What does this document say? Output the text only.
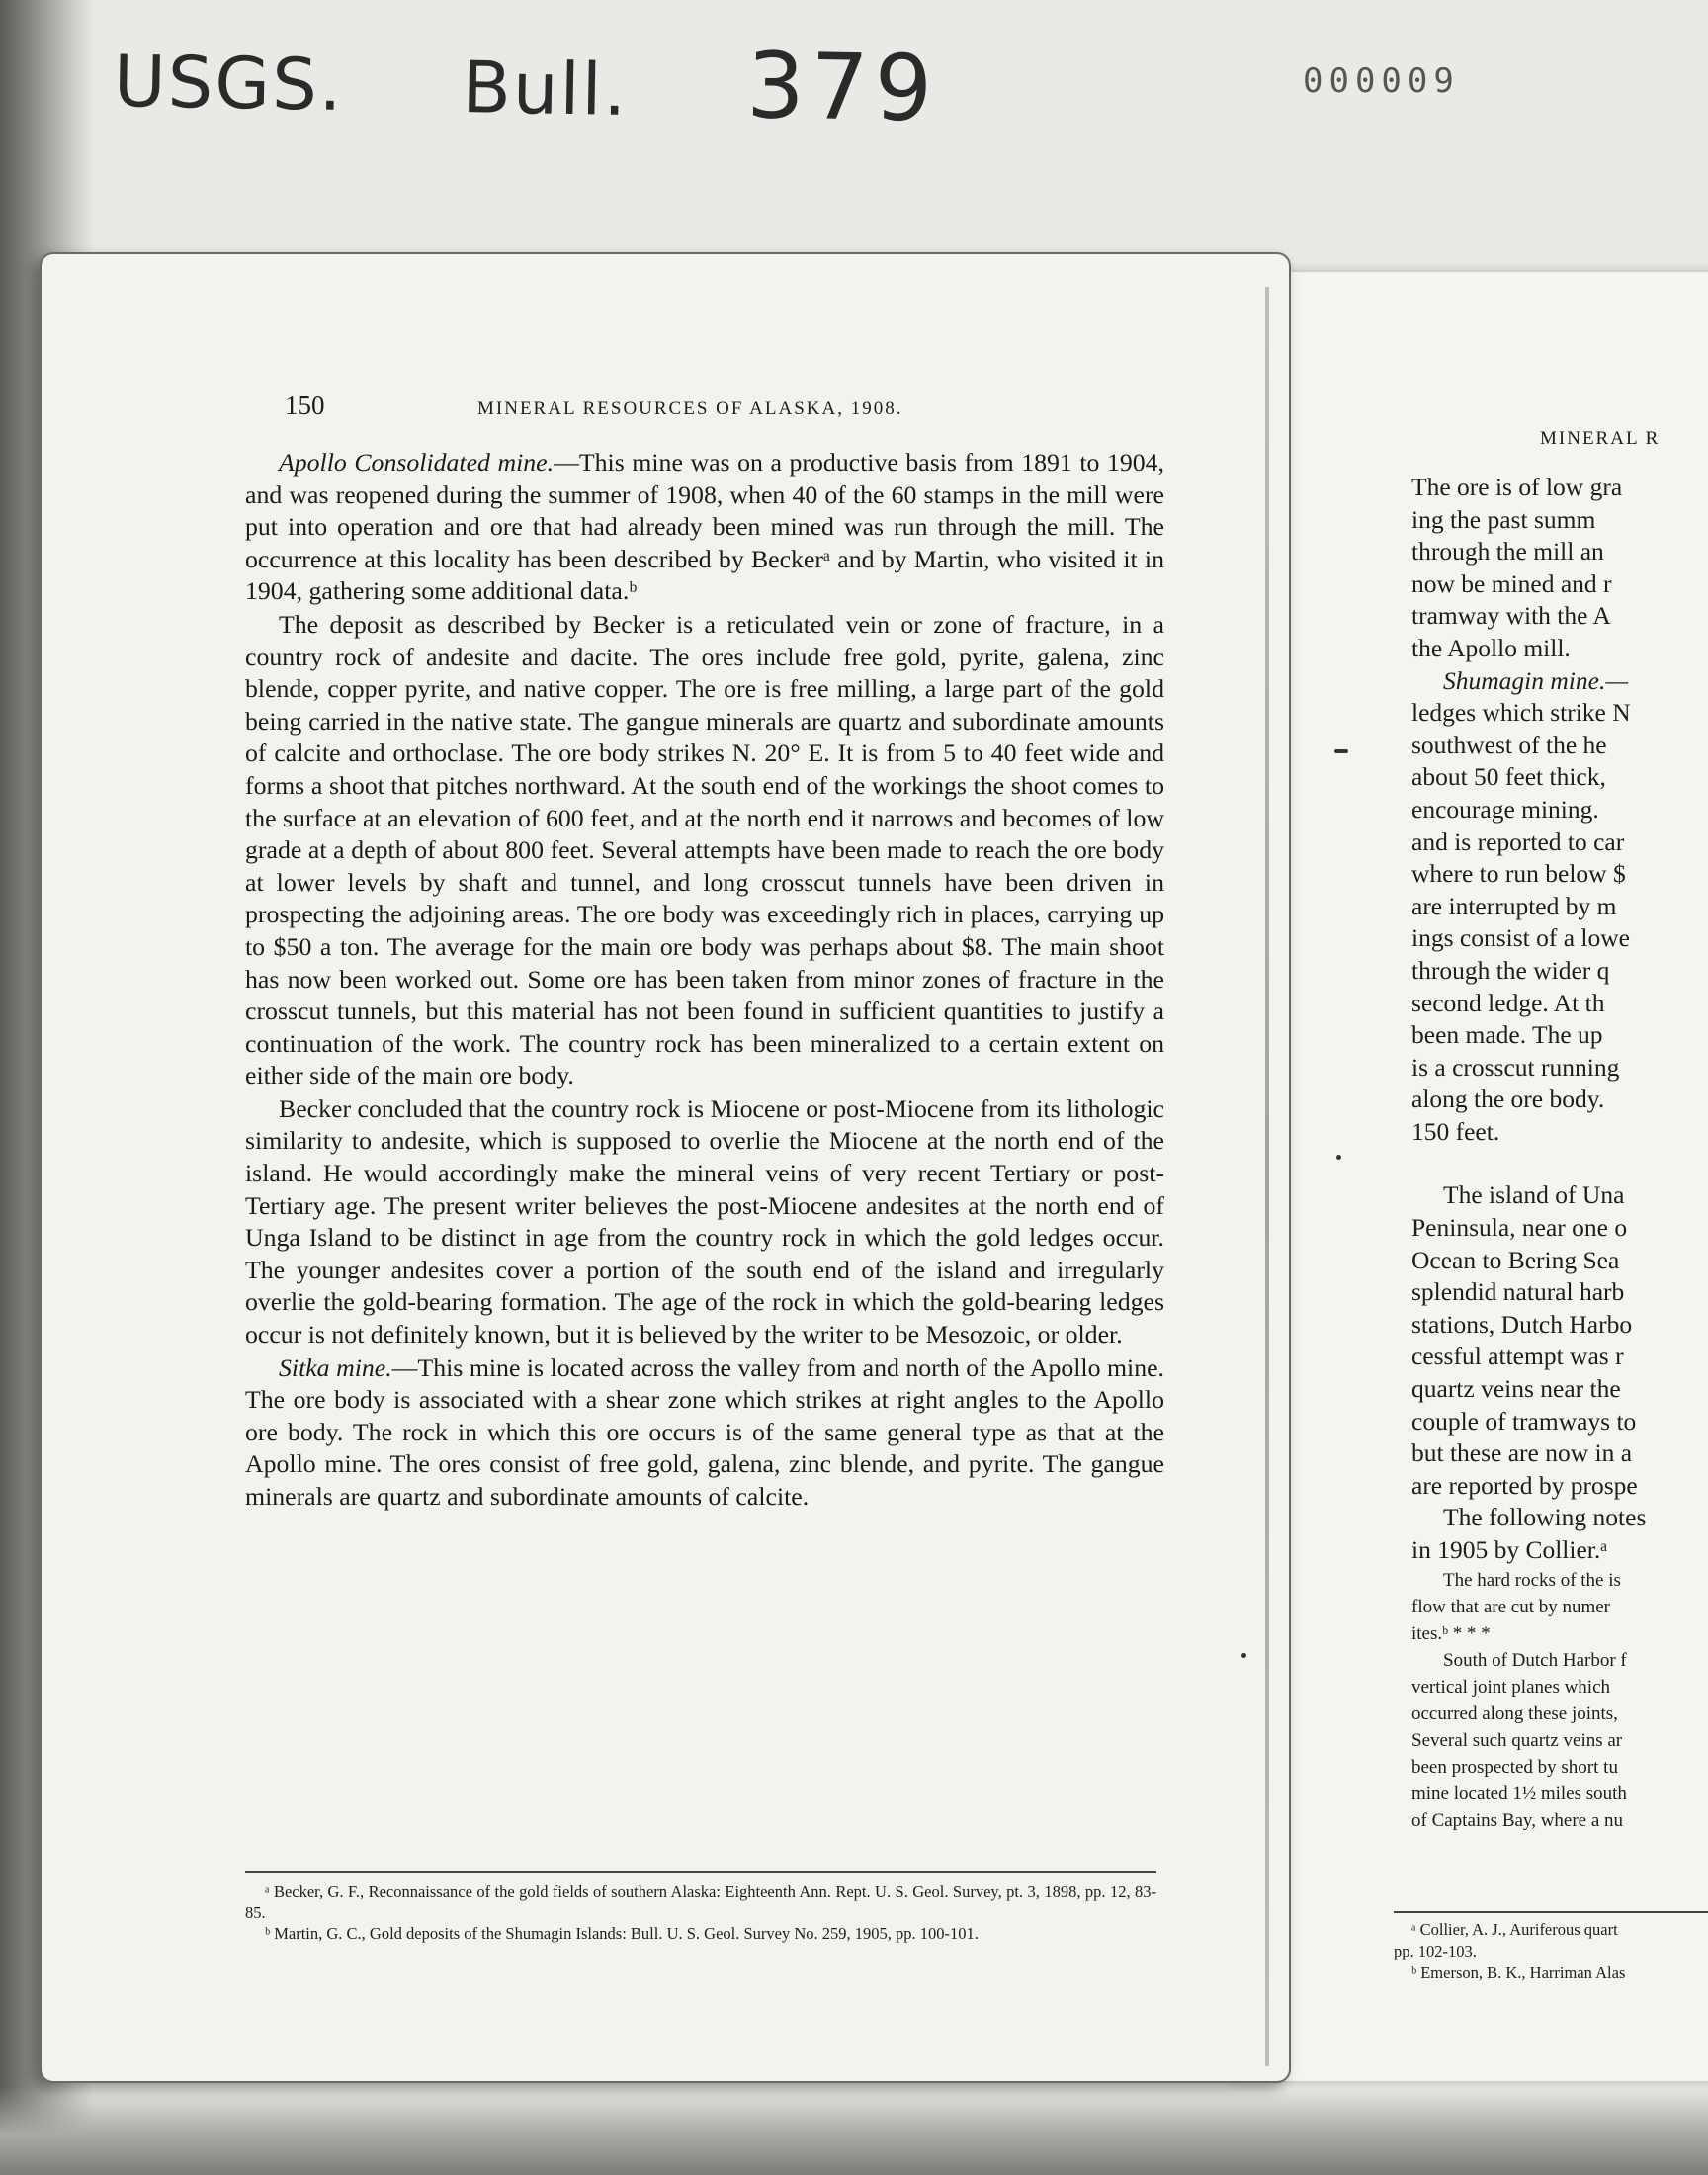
USGS. Bull. 379	000009
150	MINERAL RESOURCES OF ALASKA, 1908.

Apollo Consolidated mine.—This mine was on a productive basis from 1891 to 1904, and was reopened during the summer of 1908, when 40 of the 60 stamps in the mill were put into operation and ore that had already been mined was run through the mill. The occurrence at this locality has been described by Beckerᵃ and by Martin, who visited it in 1904, gathering some additional data.ᵇ

The deposit as described by Becker is a reticulated vein or zone of fracture, in a country rock of andesite and dacite. The ores include free gold, pyrite, galena, zinc blende, copper pyrite, and native copper. The ore is free milling, a large part of the gold being carried in the native state. The gangue minerals are quartz and subordinate amounts of calcite and orthoclase. The ore body strikes N. 20° E. It is from 5 to 40 feet wide and forms a shoot that pitches northward. At the south end of the workings the shoot comes to the surface at an elevation of 600 feet, and at the north end it narrows and becomes of low grade at a depth of about 800 feet. Several attempts have been made to reach the ore body at lower levels by shaft and tunnel, and long crosscut tunnels have been driven in prospecting the adjoining areas. The ore body was exceedingly rich in places, carrying up to $50 a ton. The average for the main ore body was perhaps about $8. The main shoot has now been worked out. Some ore has been taken from minor zones of fracture in the crosscut tunnels, but this material has not been found in sufficient quantities to justify a continuation of the work. The country rock has been mineralized to a certain extent on either side of the main ore body.

Becker concluded that the country rock is Miocene or post-Miocene from its lithologic similarity to andesite, which is supposed to overlie the Miocene at the north end of the island. He would accordingly make the mineral veins of very recent Tertiary or post-Tertiary age. The present writer believes the post-Miocene andesites at the north end of Unga Island to be distinct in age from the country rock in which the gold ledges occur. The younger andesites cover a portion of the south end of the island and irregularly overlie the gold-bearing formation. The age of the rock in which the gold-bearing ledges occur is not definitely known, but it is believed by the writer to be Mesozoic, or older.

Sitka mine.—This mine is located across the valley from and north of the Apollo mine. The ore body is associated with a shear zone which strikes at right angles to the Apollo ore body. The rock in which this ore occurs is of the same general type as that at the Apollo mine. The ores consist of free gold, galena, zinc blende, and pyrite. The gangue minerals are quartz and subordinate amounts of calcite.

ᵃ Becker, G. F., Reconnaissance of the gold fields of southern Alaska: Eighteenth Ann. Rept. U. S. Geol. Survey, pt. 3, 1898, pp. 12, 83-85.

ᵇ Martin, G. C., Gold deposits of the Shumagin Islands: Bull. U. S. Geol. Survey No. 259, 1905, pp. 100-101.

MINERAL R
The ore is of low gra
ing the past summ
through the mill an
now be mined and r
tramway with the A
the Apollo mill.
Shumagin mine.—
ledges which strike N
southwest of the he
about 50 feet thick,
encourage mining.
and is reported to car
where to run below $
are interrupted by m
ings consist of a lowe
through the wider q
second ledge. At th
been made. The up
is a crosscut running
along the ore body.
150 feet.
The island of Una
Peninsula, near one o
Ocean to Bering Sea
splendid natural harb
stations, Dutch Harbo
cessful attempt was r
quartz veins near the
couple of tramways to
but these are now in a
are reported by prospe
The following notes
in 1905 by Collier.ᵃ
The hard rocks of the is
flow that are cut by numer
ites.ᵇ * * *
South of Dutch Harbor f
vertical joint planes which
occurred along these joints,
Several such quartz veins ar
been prospected by short tu
mine located 1½ miles south
of Captains Bay, where a nu
ᵃ Collier, A. J., Auriferous quart
pp. 102-103.
ᵇ Emerson, B. K., Harriman Alas
